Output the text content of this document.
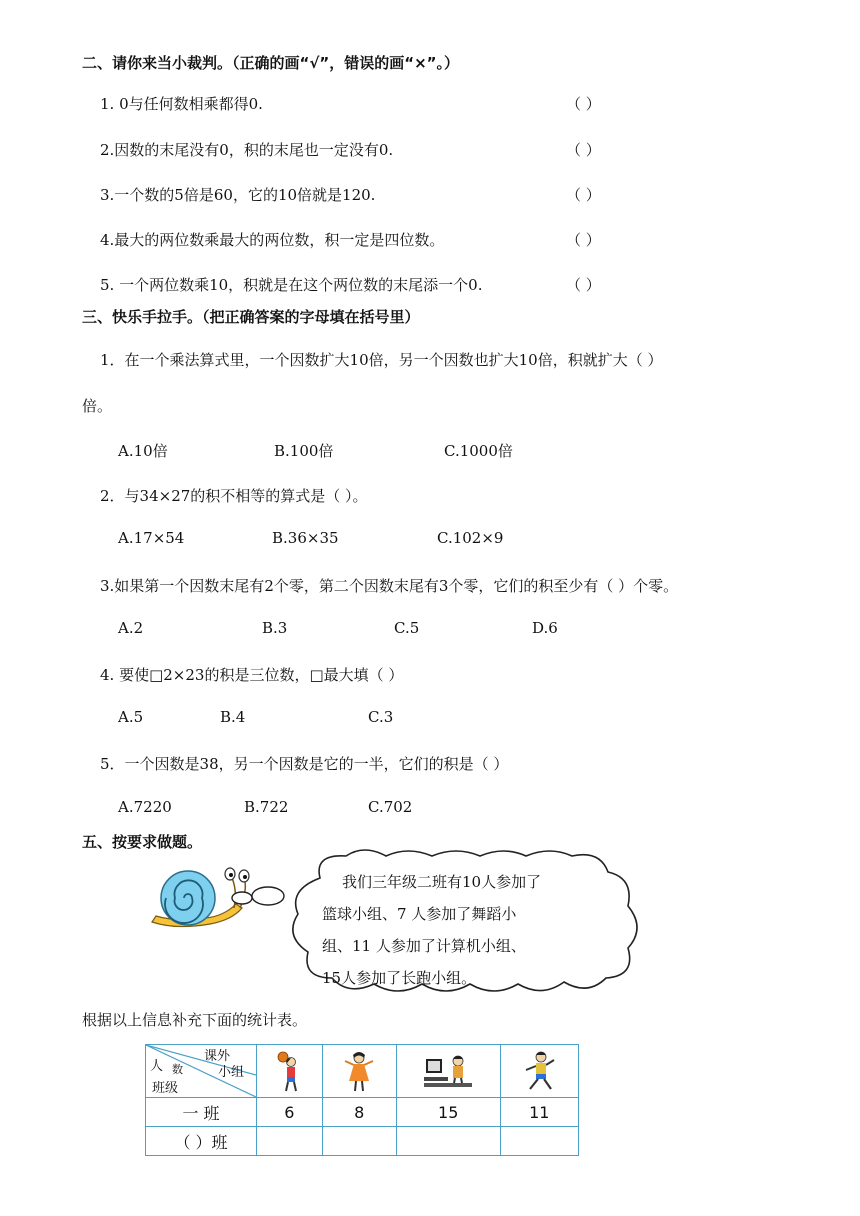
二、请你来当小裁判。（正确的画“√”，错误的画“×”。）
1. 0与任何数相乘都得0.	（ ）
2.因数的末尾没有0，积的末尾也一定没有0.	（ ）
3.一个数的5倍是60，它的10倍就是120.	（ ）
4.最大的两位数乘最大的两位数，积一定是四位数。	（ ）
5. 一个两位数乘10，积就是在这个两位数的末尾添一个0.	（ ）
三、快乐手拉手。（把正确答案的字母填在括号里）
1．在一个乘法算式里，一个因数扩大10倍，另一个因数也扩大10倍，积就扩大（ ）
倍。
A.10倍	B.100倍	C.1000倍
2．与34×27的积不相等的算式是（ ）。
A.17×54	B.36×35	C.102×9
3.如果第一个因数末尾有2个零，第二个因数末尾有3个零，它们的积至少有（ ）个零。
A.2	B.3	C.5	D.6
4. 要使□2×23的积是三位数，□最大填（ ）
A.5	B.4	C.3
5．一个因数是38，另一个因数是它的一半，它们的积是（ ）
A.7220	B.722	C.702
五、按要求做题。
我们三年级二班有10人参加了
篮球小组、7 人参加了舞蹈小
组、11 人参加了计算机小组、
15人参加了长跑小组。
根据以上信息补充下面的统计表。
课外
人 数 小组
班级

一 班	6	8	15	11
（ ）班				
